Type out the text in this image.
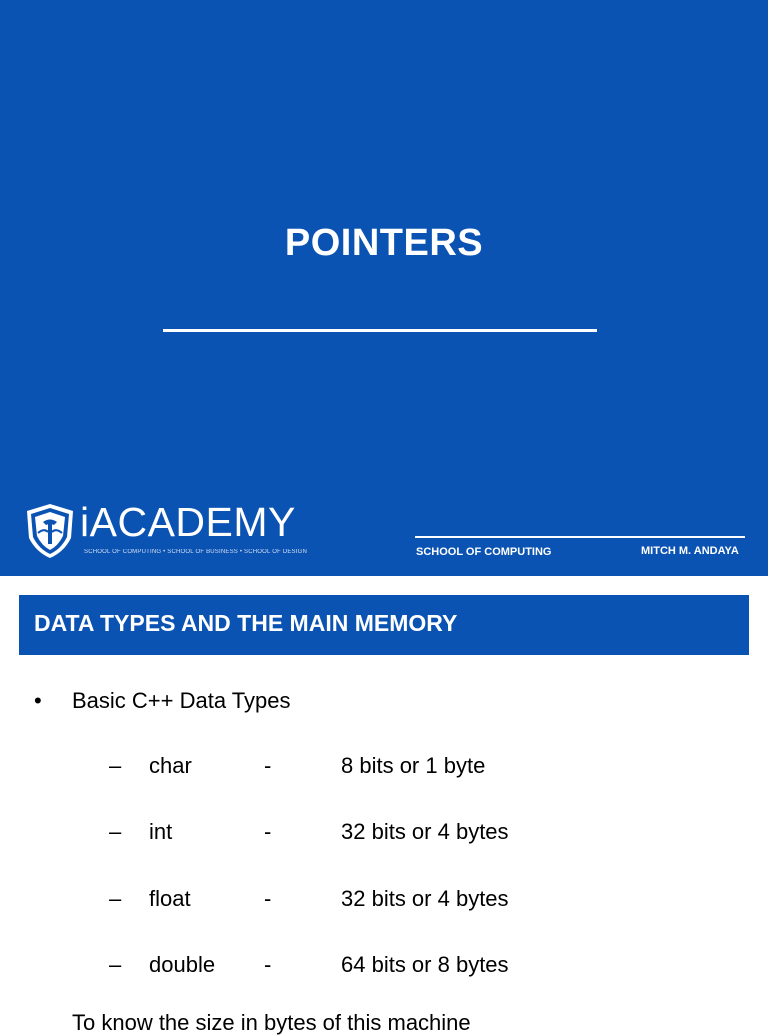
POINTERS
iACADEMY
SCHOOL OF COMPUTING • SCHOOL OF BUSINESS • SCHOOL OF DESIGN	SCHOOL OF COMPUTING	MITCH M. ANDAYA
DATA TYPES AND THE MAIN MEMORY
• Basic C++ Data Types
– char	-	8 bits or 1 byte
– int	-	32 bits or 4 bytes
– float	-	32 bits or 4 bytes
– double -	64 bits or 8 bytes
To know the size in bytes of this machine
